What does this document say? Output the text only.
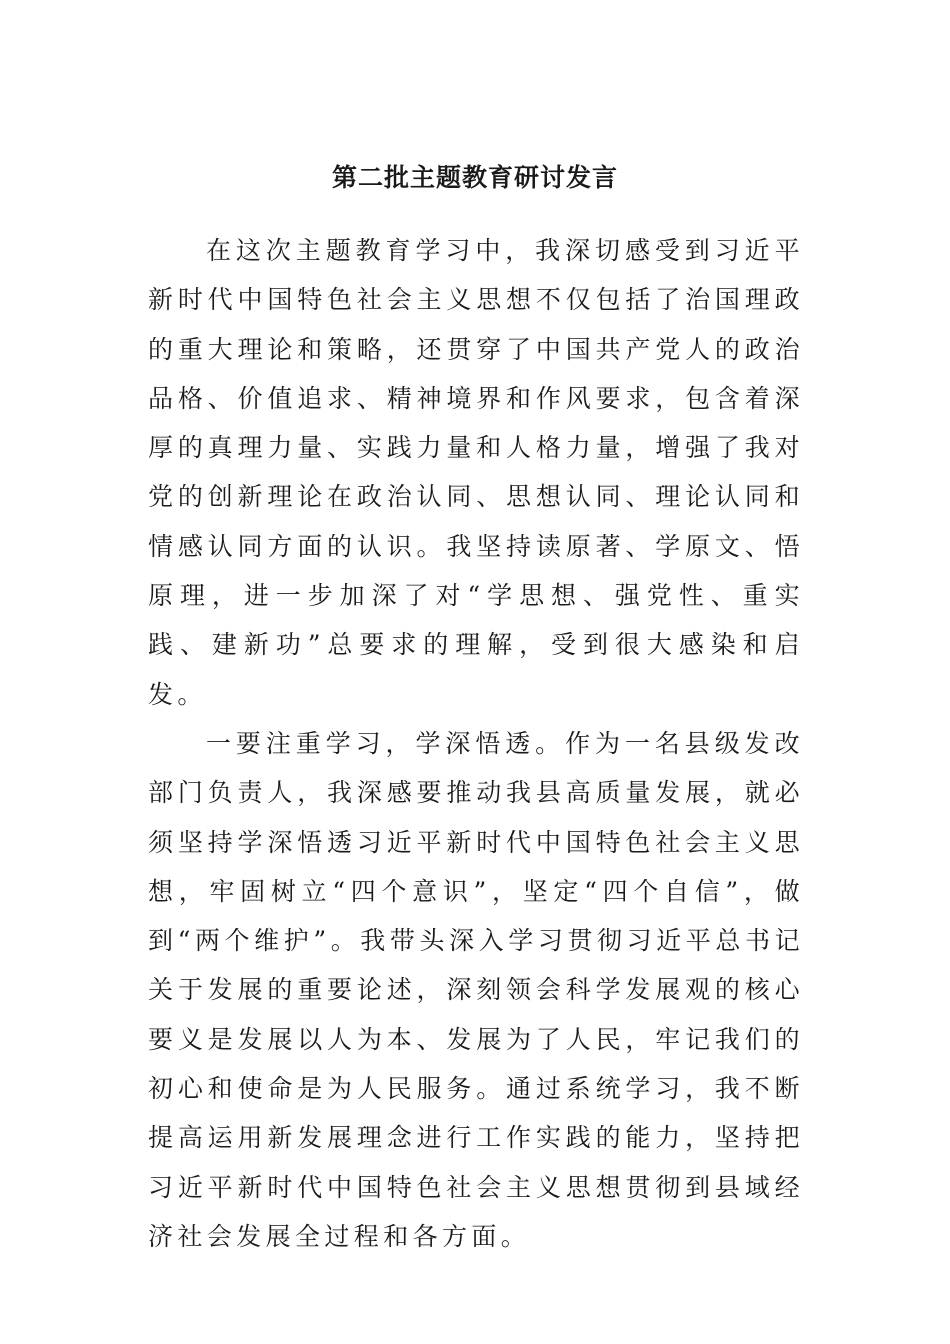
第二批主题教育研讨发言

在这次主题教育学习中，我深切感受到习近平新时代中国特色社会主义思想不仅包括了治国理政的重大理论和策略，还贯穿了中国共产党人的政治品格、价值追求、精神境界和作风要求，包含着深厚的真理力量、实践力量和人格力量，增强了我对党的创新理论在政治认同、思想认同、理论认同和情感认同方面的认识。我坚持读原著、学原文、悟原理，进一步加深了对“学思想、强党性、重实践、建新功”总要求的理解，受到很大感染和启发。

一要注重学习，学深悟透。作为一名县级发改部门负责人，我深感要推动我县高质量发展，就必须坚持学深悟透习近平新时代中国特色社会主义思想，牢固树立“四个意识”，坚定“四个自信”，做到“两个维护”。我带头深入学习贯彻习近平总书记关于发展的重要论述，深刻领会科学发展观的核心要义是发展以人为本、发展为了人民，牢记我们的初心和使命是为人民服务。通过系统学习，我不断提高运用新发展理念进行工作实践的能力，坚持把习近平新时代中国特色社会主义思想贯彻到县域经济社会发展全过程和各方面。
